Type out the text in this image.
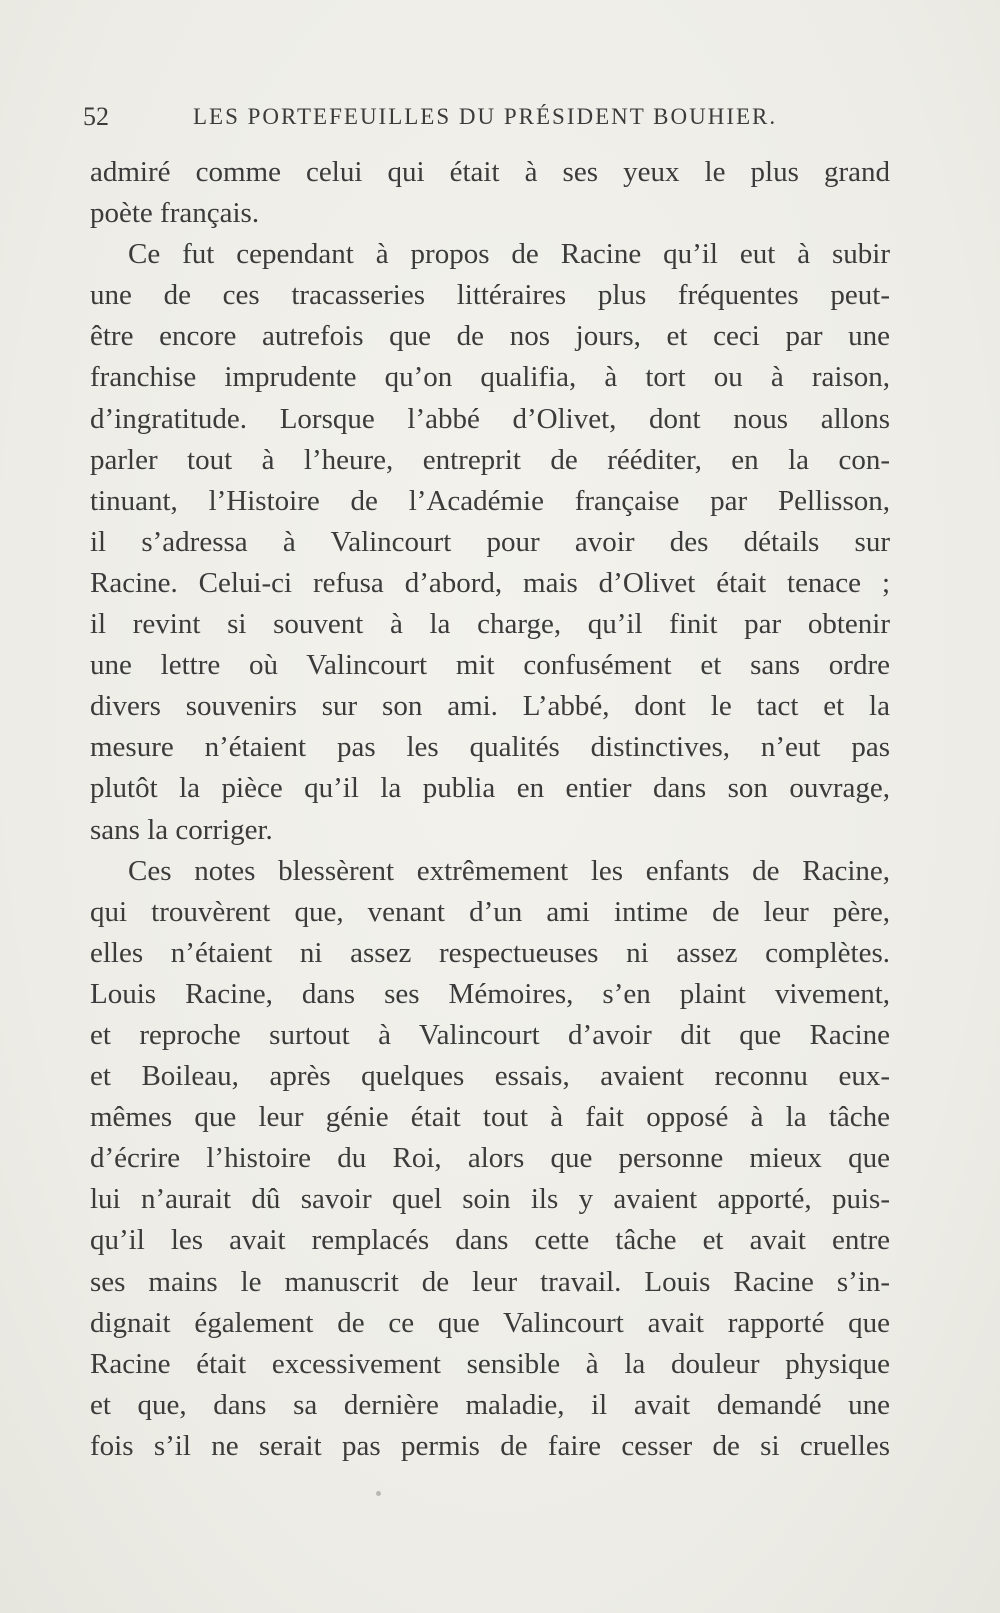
52	LES PORTEFEUILLES DU PRÉSIDENT BOUHIER.
admiré comme celui qui était à ses yeux le plus grand
poète français.
Ce fut cependant à propos de Racine qu’il eut à subir
une de ces tracasseries littéraires plus fréquentes peut-
être encore autrefois que de nos jours, et ceci par une
franchise imprudente qu’on qualifia, à tort ou à raison,
d’ingratitude. Lorsque l’abbé d’Olivet, dont nous allons
parler tout à l’heure, entreprit de rééditer, en la con-
tinuant, l’Histoire de l’Académie française par Pellisson,
il s’adressa à Valincourt pour avoir des détails sur
Racine. Celui-ci refusa d’abord, mais d’Olivet était tenace ;
il revint si souvent à la charge, qu’il finit par obtenir
une lettre où Valincourt mit confusément et sans ordre
divers souvenirs sur son ami. L’abbé, dont le tact et la
mesure n’étaient pas les qualités distinctives, n’eut pas
plutôt la pièce qu’il la publia en entier dans son ouvrage,
sans la corriger.
Ces notes blessèrent extrêmement les enfants de Racine,
qui trouvèrent que, venant d’un ami intime de leur père,
elles n’étaient ni assez respectueuses ni assez complètes.
Louis Racine, dans ses Mémoires, s’en plaint vivement,
et reproche surtout à Valincourt d’avoir dit que Racine
et Boileau, après quelques essais, avaient reconnu eux-
mêmes que leur génie était tout à fait opposé à la tâche
d’écrire l’histoire du Roi, alors que personne mieux que
lui n’aurait dû savoir quel soin ils y avaient apporté, puis-
qu’il les avait remplacés dans cette tâche et avait entre
ses mains le manuscrit de leur travail. Louis Racine s’in-
dignait également de ce que Valincourt avait rapporté que
Racine était excessivement sensible à la douleur physique
et que, dans sa dernière maladie, il avait demandé une
fois s’il ne serait pas permis de faire cesser de si cruelles
